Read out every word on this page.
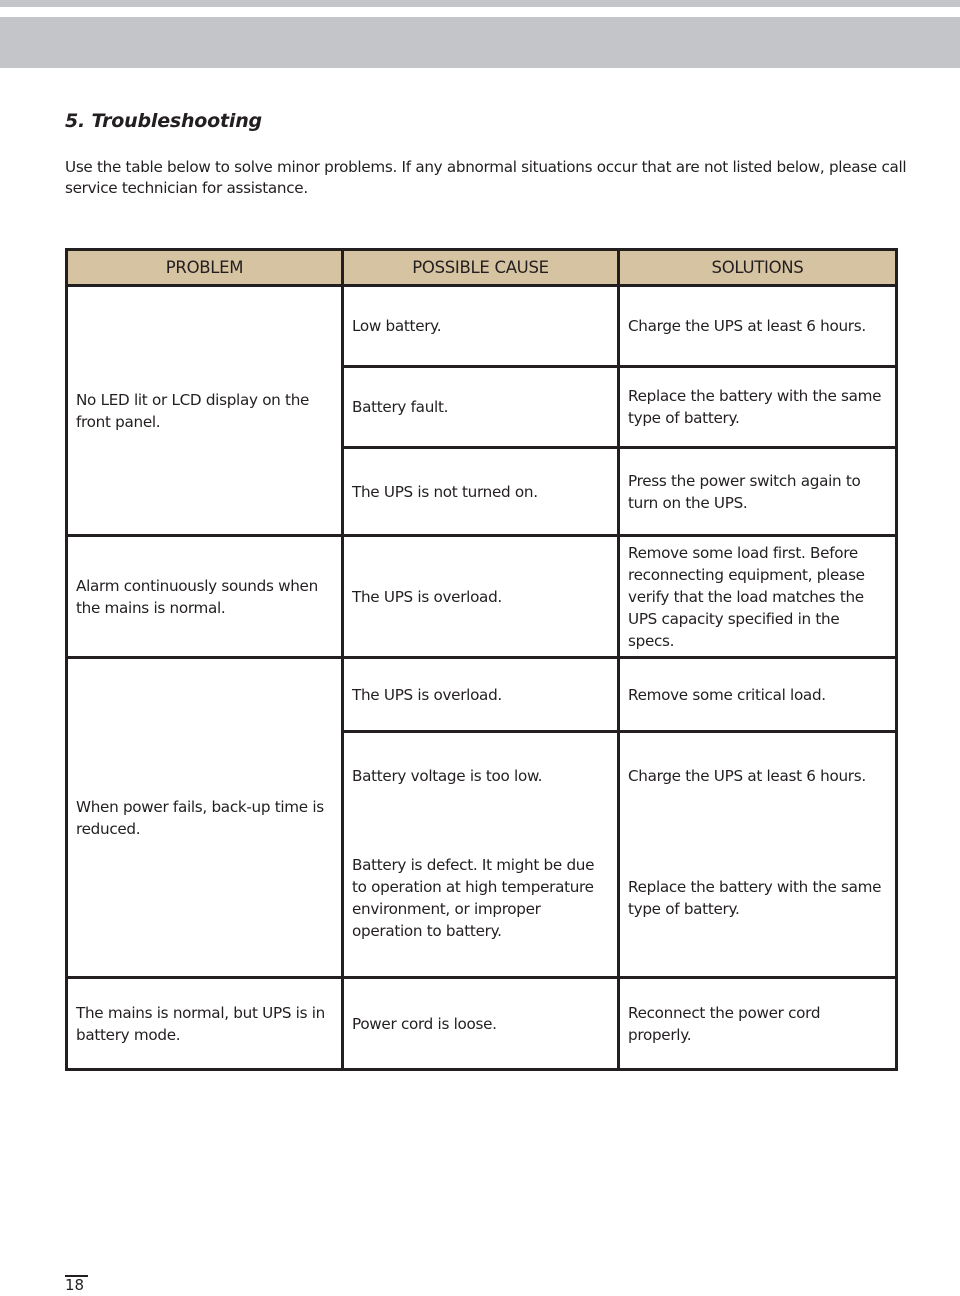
5. Troubleshooting

Use the table below to solve minor problems. If any abnormal situations occur that are not listed below, please call service technician for assistance.

PROBLEM	POSSIBLE CAUSE	SOLUTIONS
No LED lit or LCD display on the front panel.	Low battery.	Charge the UPS at least 6 hours.
	Battery fault.	Replace the battery with the same type of battery.
	The UPS is not turned on.	Press the power switch again to turn on the UPS.
Alarm continuously sounds when the mains is normal.	The UPS is overload.	Remove some load first. Before reconnecting equipment, please verify that the load matches the UPS capacity specified in the specs.
When power fails, back-up time is reduced.	The UPS is overload.	Remove some critical load.
	Battery voltage is too low.	Charge the UPS at least 6 hours.
	Battery is defect. It might be due to operation at high temperature environment, or improper operation to battery.	Replace the battery with the same type of battery.
The mains is normal, but UPS is in battery mode.	Power cord is loose.	Reconnect the power cord properly.
18
